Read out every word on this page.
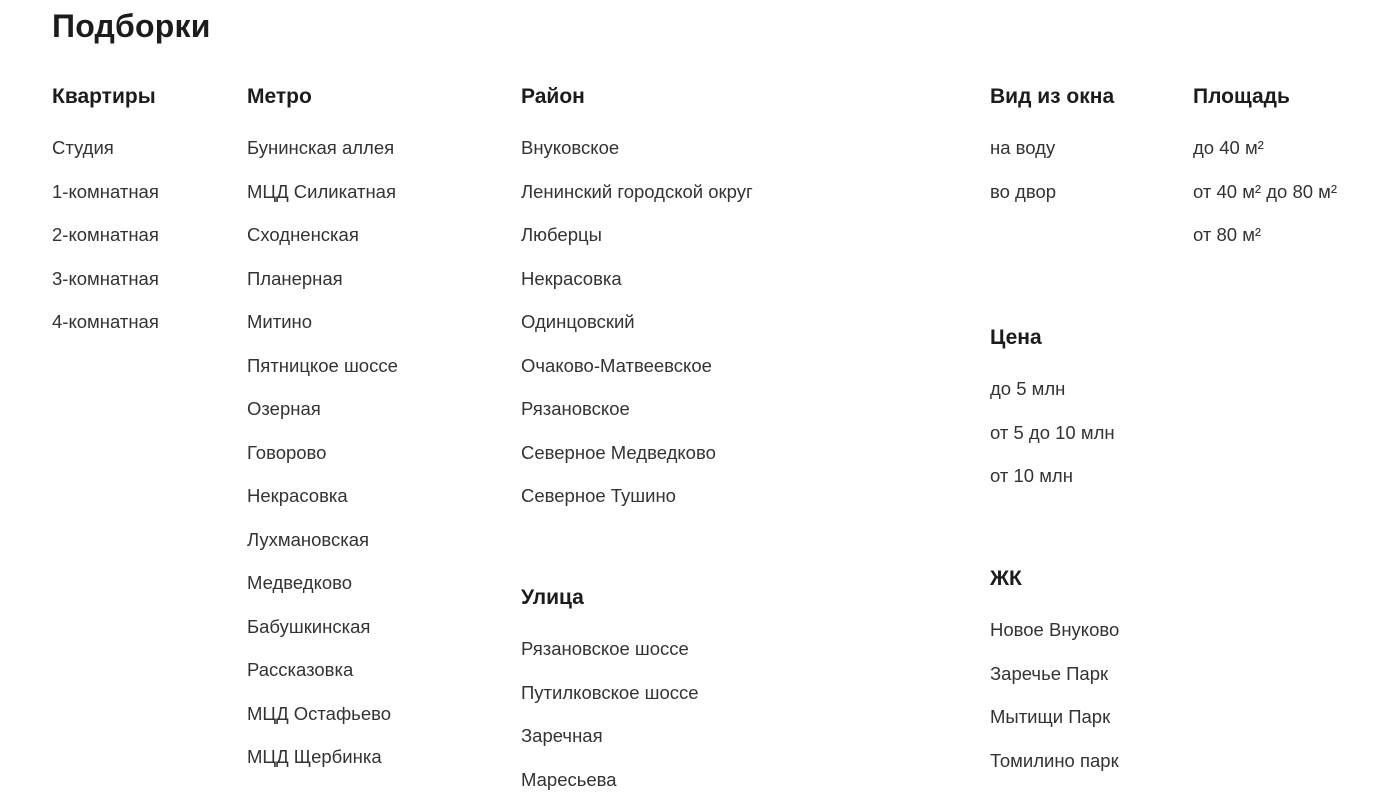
Подборки
Квартиры
Студия
1-комнатная
2-комнатная
3-комнатная
4-комнатная
Метро
Бунинская аллея
МЦД Силикатная
Сходненская
Планерная
Митино
Пятницкое шоссе
Озерная
Говорово
Некрасовка
Лухмановская
Медведково
Бабушкинская
Рассказовка
МЦД Остафьево
МЦД Щербинка
Район
Внуковское
Ленинский городской округ
Люберцы
Некрасовка
Одинцовский
Очаково-Матвеевское
Рязановское
Северное Медведково
Северное Тушино
Улица
Рязановское шоссе
Путилковское шоссе
Заречная
Маресьева
Вид из окна
на воду
во двор
Цена
до 5 млн
от 5 до 10 млн
от 10 млн
ЖК
Новое Внуково
Заречье Парк
Мытищи Парк
Томилино парк
Площадь
до 40 м²
от 40 м² до 80 м²
от 80 м²
